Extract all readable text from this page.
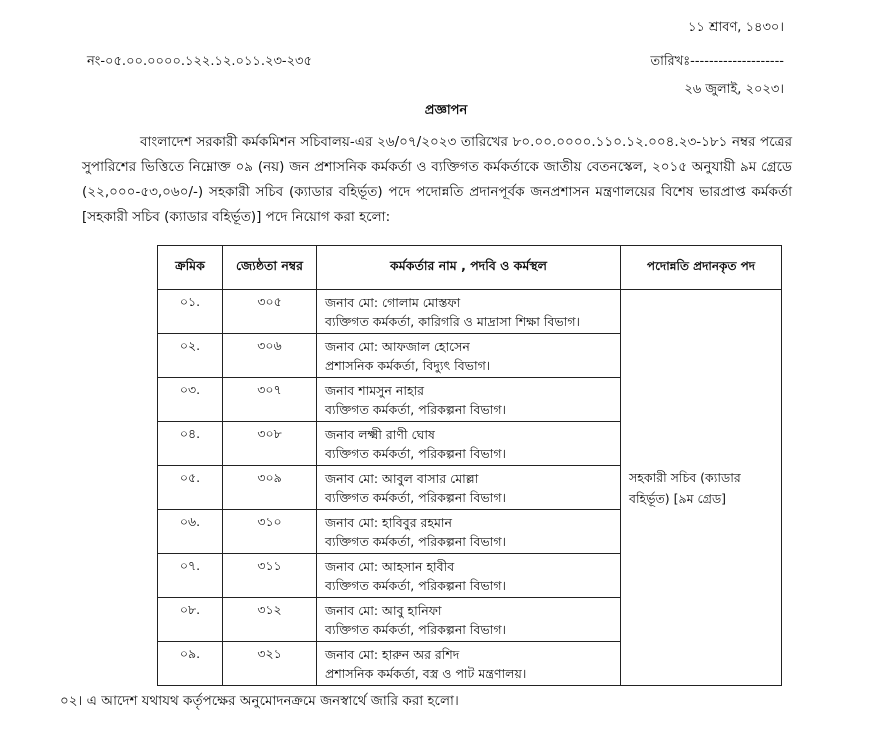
১১ শ্রাবণ, ১৪৩০।
নং-০৫.০০.০০০০.১২২.১২.০১১.২৩-২৩৫	তারিখঃ--------------------
২৬ জুলাই, ২০২৩।
প্রজ্ঞাপন
বাংলাদেশ সরকারী কর্মকমিশন সচিবালয়-এর ২৬/০৭/২০২৩ তারিখের ৮০.০০.০০০০.১১০.১২.০০৪.২৩-১৮১ নম্বর পত্রের সুপারিশের ভিত্তিতে নিম্নোক্ত ০৯ (নয়) জন প্রশাসনিক কর্মকর্তা ও ব্যক্তিগত কর্মকর্তাকে জাতীয় বেতনস্কেল, ২০১৫ অনুযায়ী ৯ম গ্রেডে (২২,০০০-৫৩,০৬০/-) সহকারী সচিব (ক্যাডার বহির্ভূত) পদে পদোন্নতি প্রদানপূর্বক জনপ্রশাসন মন্ত্রণালয়ের বিশেষ ভারপ্রাপ্ত কর্মকর্তা [সহকারী সচিব (ক্যাডার বহির্ভূত)] পদে নিয়োগ করা হলো:
ক্রমিক	জ্যেষ্ঠতা নম্বর	কর্মকর্তার নাম , পদবি ও কর্মস্থল	পদোন্নতি প্রদানকৃত পদ
০১.	৩০৫	জনাব মো: গোলাম মোস্তফা
ব্যক্তিগত কর্মকর্তা, কারিগরি ও মাদ্রাসা শিক্ষা বিভাগ।	সহকারী সচিব (ক্যাডার বহির্ভূত) [৯ম গ্রেড]
০২.	৩০৬	জনাব মো: আফজাল হোসেন
প্রশাসনিক কর্মকর্তা, বিদ্যুৎ বিভাগ।	

০৩.	৩০৭	জনাব শামসুন নাহার
ব্যক্তিগত কর্মকর্তা, পরিকল্পনা বিভাগ।	

০৪.	৩০৮	জনাব লক্ষ্মী রাণী ঘোষ
ব্যক্তিগত কর্মকর্তা, পরিকল্পনা বিভাগ।	

০৫.	৩০৯	জনাব মো: আবুল বাসার মোল্লা
ব্যক্তিগত কর্মকর্তা, পরিকল্পনা বিভাগ।	

০৬.	৩১০	জনাব মো: হাবিবুর রহমান
ব্যক্তিগত কর্মকর্তা, পরিকল্পনা বিভাগ।	

০৭.	৩১১	জনাব মো: আহসান হাবীব
ব্যক্তিগত কর্মকর্তা, পরিকল্পনা বিভাগ।	

০৮.	৩১২	জনাব মো: আবু হানিফা
ব্যক্তিগত কর্মকর্তা, পরিকল্পনা বিভাগ।	

০৯.	৩২১	জনাব মো: হারুন অর রশিদ
প্রশাসনিক কর্মকর্তা, বস্ত্র ও পাট মন্ত্রণালয়।	
০২। এ আদেশ যথাযথ কর্তৃপক্ষের অনুমোদনক্রমে জনস্বার্থে জারি করা হলো।
